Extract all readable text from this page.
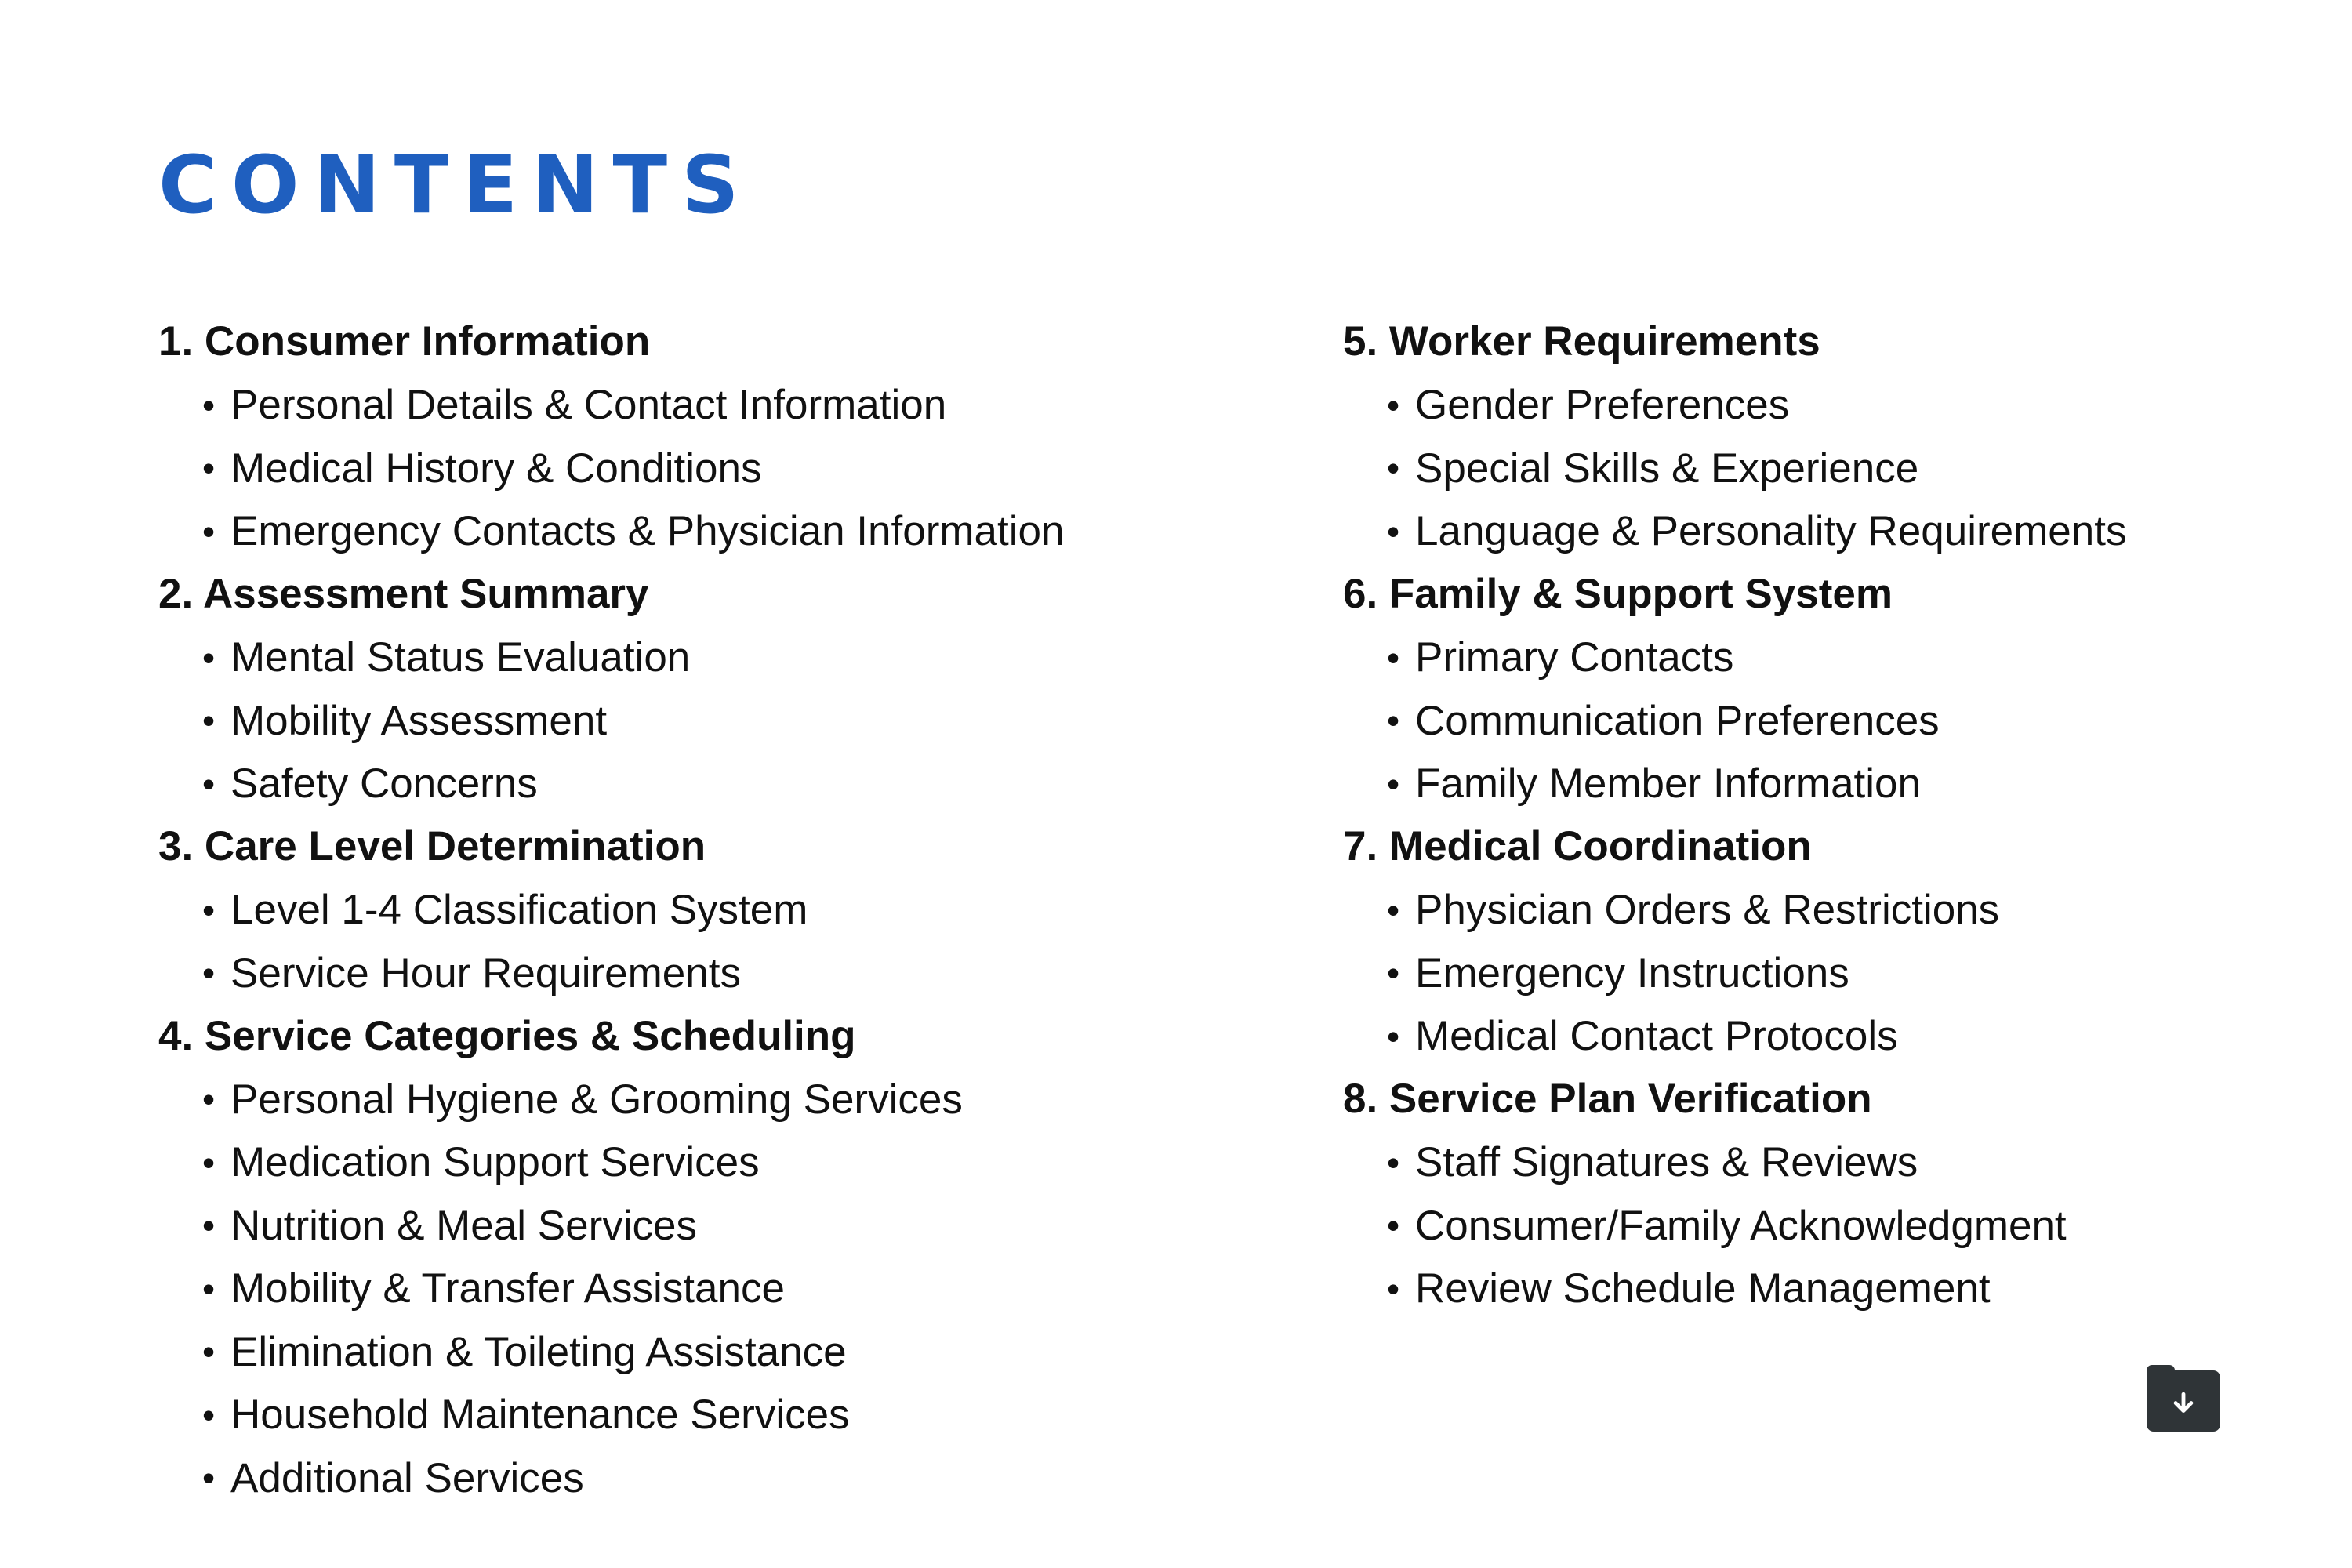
CONTENTS
1. Consumer Information
• Personal Details & Contact Information
• Medical History & Conditions
• Emergency Contacts & Physician Information
2. Assessment Summary
• Mental Status Evaluation
• Mobility Assessment
• Safety Concerns
3. Care Level Determination
• Level 1-4 Classification System
• Service Hour Requirements
4. Service Categories & Scheduling
• Personal Hygiene & Grooming Services
• Medication Support Services
• Nutrition & Meal Services
• Mobility & Transfer Assistance
• Elimination & Toileting Assistance
• Household Maintenance Services
• Additional Services
5. Worker Requirements
• Gender Preferences
• Special Skills & Experience
• Language & Personality Requirements
6. Family & Support System
• Primary Contacts
• Communication Preferences
• Family Member Information
7. Medical Coordination
• Physician Orders & Restrictions
• Emergency Instructions
• Medical Contact Protocols
8. Service Plan Verification
• Staff Signatures & Reviews
• Consumer/Family Acknowledgment
• Review Schedule Management
